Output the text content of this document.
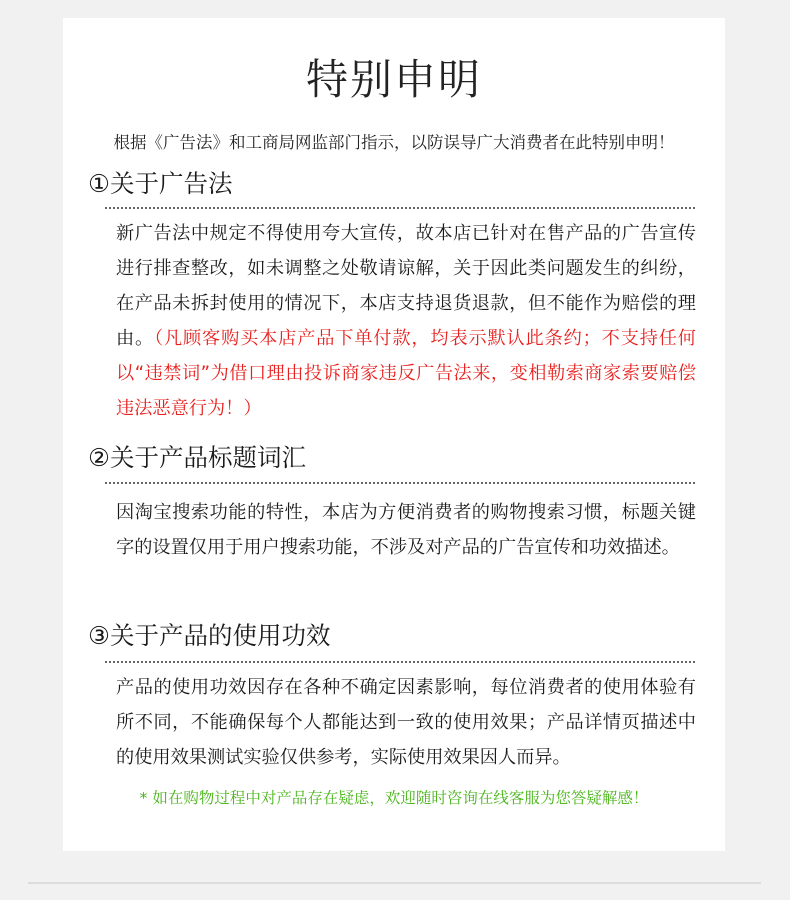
特别申明
根据《广告法》和工商局网监部门指示，以防误导广大消费者在此特别申明！
①关于广告法
新广告法中规定不得使用夸大宣传，故本店已针对在售产品的广告宣传进行排查整改，如未调整之处敬请谅解，关于因此类问题发生的纠纷，在产品未拆封使用的情况下，本店支持退货退款，但不能作为赔偿的理由。（凡顾客购买本店产品下单付款，均表示默认此条约；不支持任何以“违禁词”为借口理由投诉商家违反广告法来，变相勒索商家索要赔偿违法恶意行为！）
②关于产品标题词汇
因淘宝搜索功能的特性，本店为方便消费者的购物搜索习惯，标题关键字的设置仅用于用户搜索功能，不涉及对产品的广告宣传和功效描述。
③关于产品的使用功效
产品的使用功效因存在各种不确定因素影响，每位消费者的使用体验有所不同，不能确保每个人都能达到一致的使用效果；产品详情页描述中的使用效果测试实验仅供参考，实际使用效果因人而异。
* 如在购物过程中对产品存在疑虑，欢迎随时咨询在线客服为您答疑解感！
